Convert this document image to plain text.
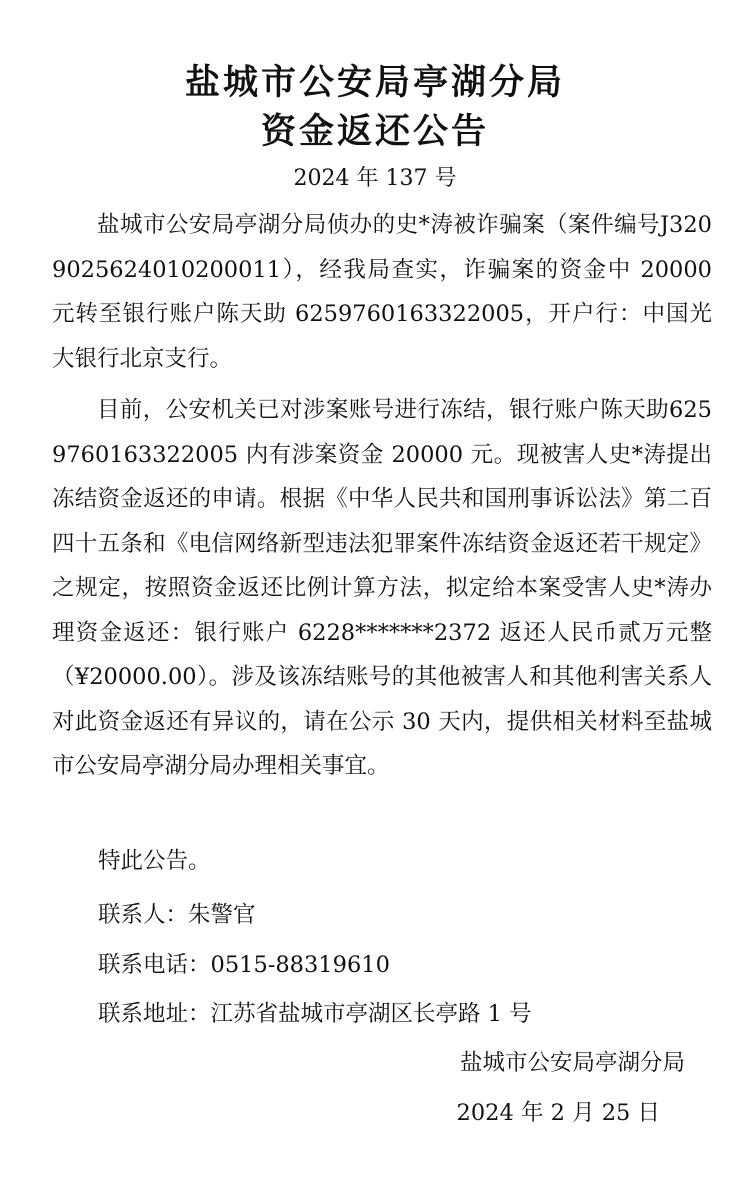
盐城市公安局亭湖分局
资金返还公告
2024 年 137 号

盐城市公安局亭湖分局侦办的史*涛被诈骗案（案件编号J32090256240102​00011），经我局查实，诈骗案的资金中 20000 元转至银行账户陈天助 6259760163322005，开户行：中国光大银行北京支行。

目前，公安机关已对涉案账号进行冻结，银行账户陈天助6259760163322005 内有涉案资金 20000 元。现被害人史*涛提出冻结资金返还的申请。根据《中华人民共和国刑事诉讼法》第二百四十五条和《电信网络新型违法犯罪案件冻结资金返还若干规定》之规定，按照资金返还比例计算方法，拟定给本案受害人史*涛办理资金返还：银行账户 6228*******2372 返还人民币贰万元整（¥20000.00）。涉及该冻结账号的其他被害人和其他利害关系人对此资金返还有异议的，请在公示 30 天内，提供相关材料至盐城市公安局亭湖分局办理相关事宜。

特此公告。

联系人：朱警官

联系电话：0515-88319610

联系地址：江苏省盐城市亭湖区长亭路 1 号

盐城市公安局亭湖分局

2024 年 2 月 25 日
